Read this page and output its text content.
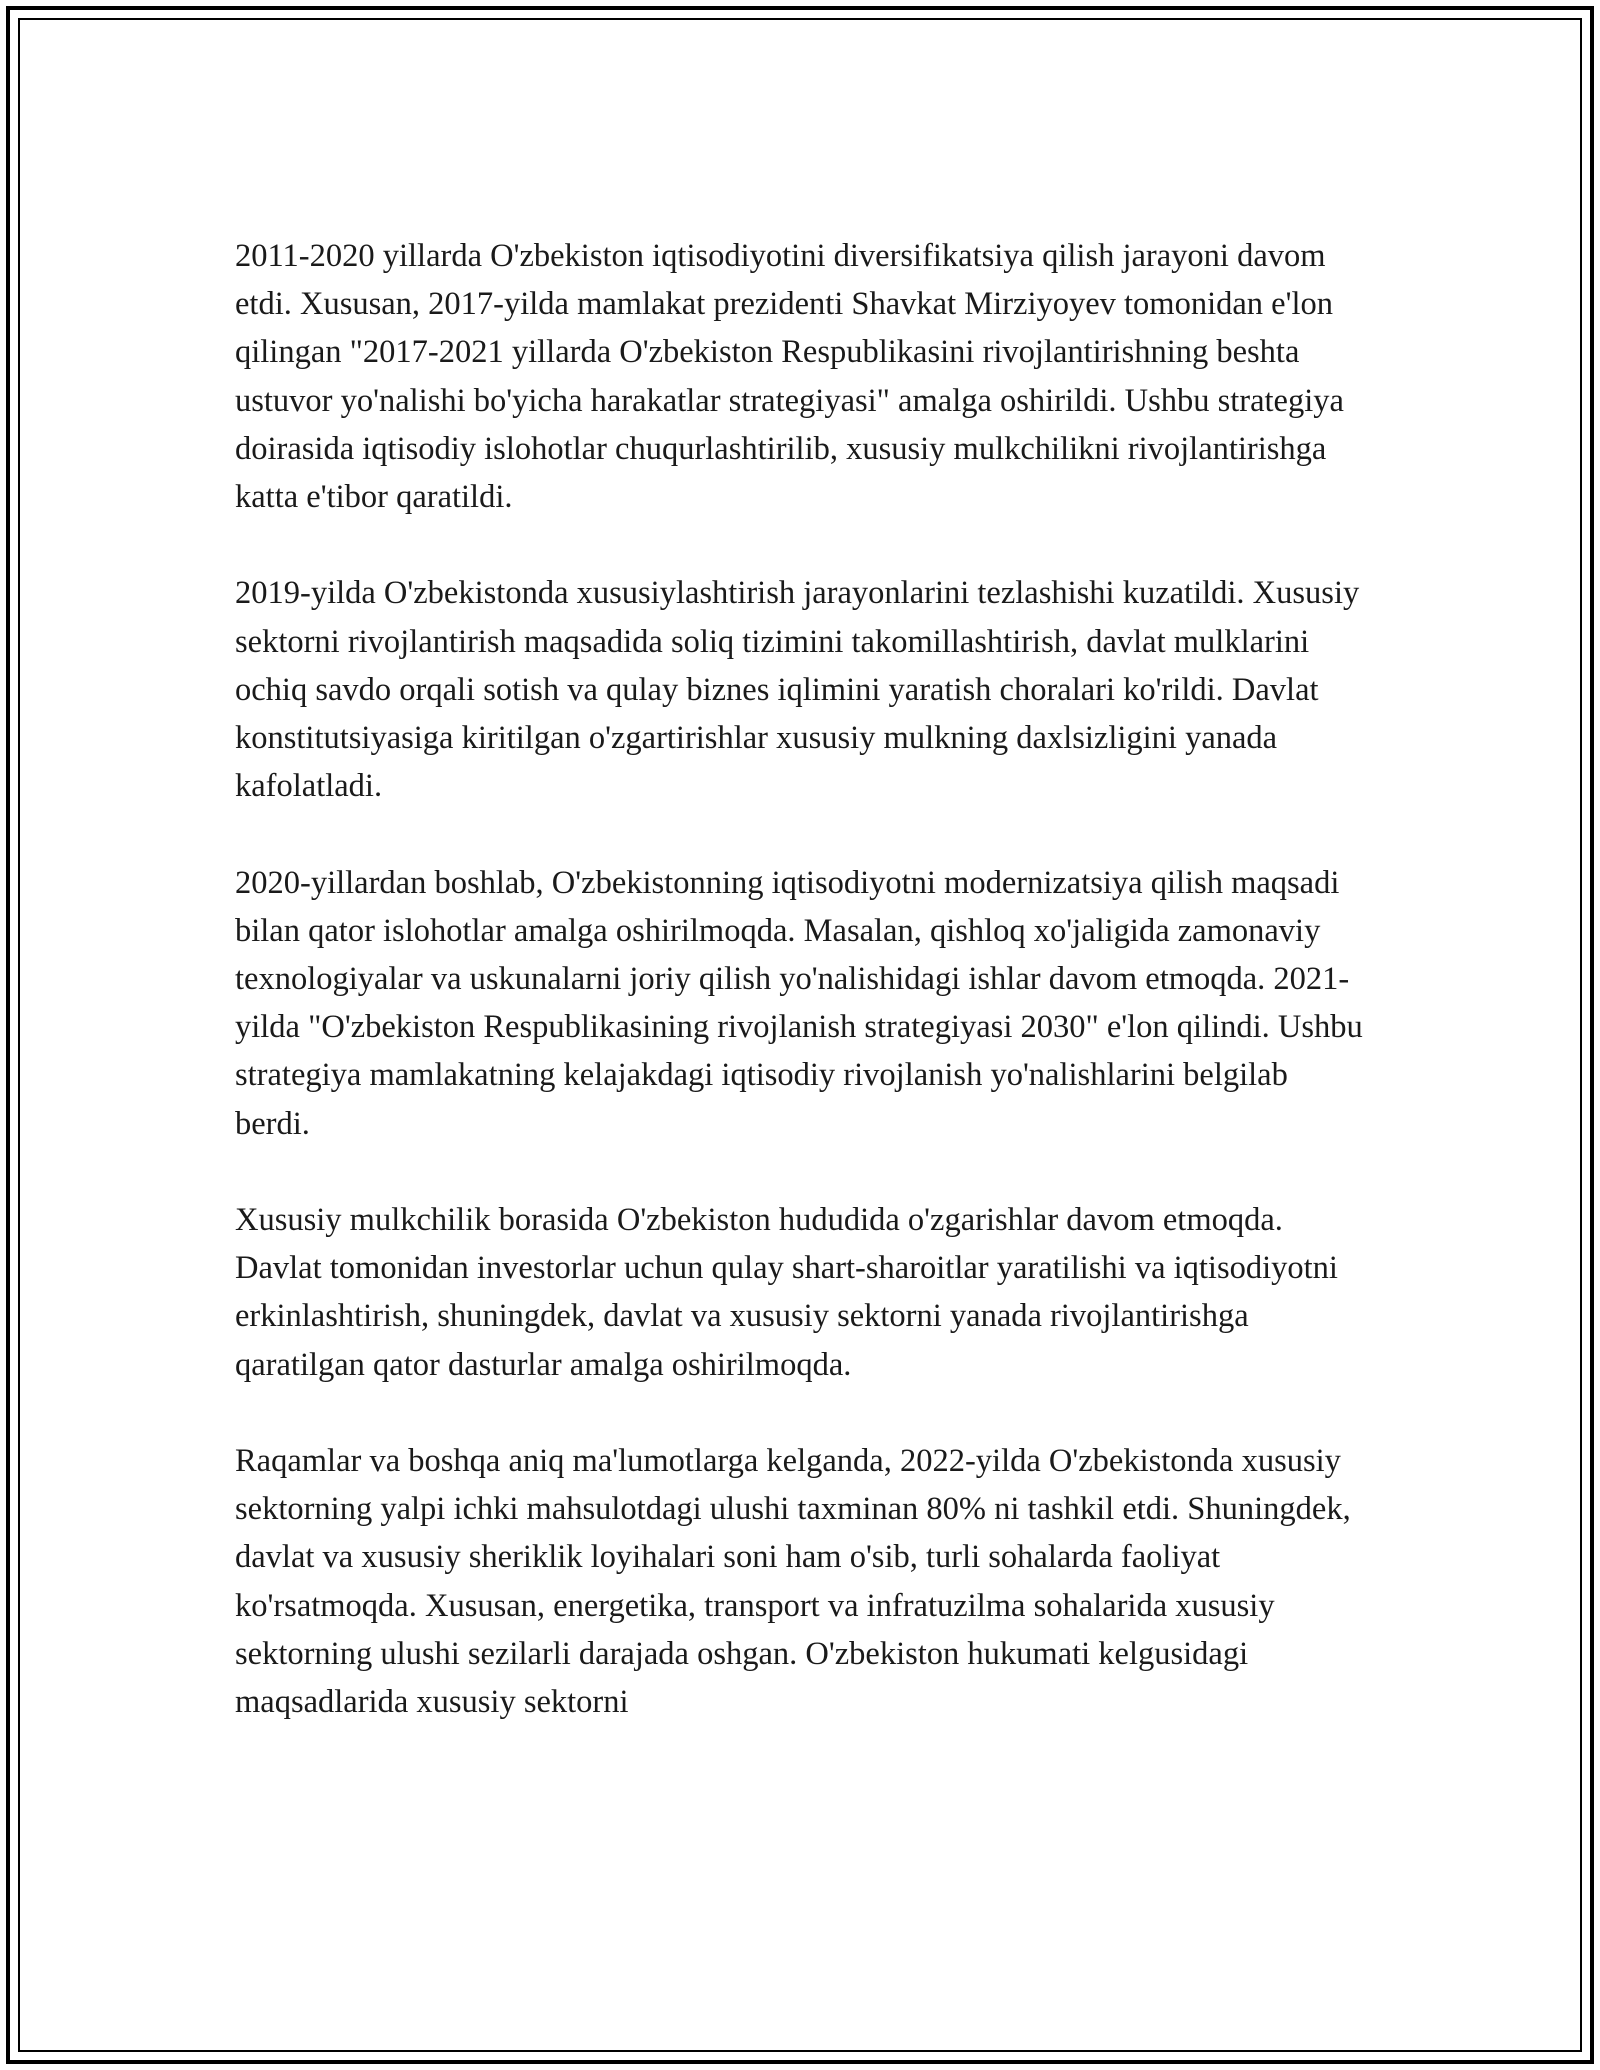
2011-2020 yillarda O'zbekiston iqtisodiyotini diversifikatsiya qilish jarayoni davom etdi. Xususan, 2017-yilda mamlakat prezidenti Shavkat Mirziyoyev tomonidan e'lon qilingan "2017-2021 yillarda O'zbekiston Respublikasini rivojlantirishning beshta ustuvor yo'nalishi bo'yicha harakatlar strategiyasi" amalga oshirildi. Ushbu strategiya doirasida iqtisodiy islohotlar chuqurlashtirilib, xususiy mulkchilikni rivojlantirishga katta e'tibor qaratildi.

2019-yilda O'zbekistonda xususiylashtirish jarayonlarini tezlashishi kuzatildi. Xususiy sektorni rivojlantirish maqsadida soliq tizimini takomillashtirish, davlat mulklarini ochiq savdo orqali sotish va qulay biznes iqlimini yaratish choralari ko'rildi. Davlat konstitutsiyasiga kiritilgan o'zgartirishlar xususiy mulkning daxlsizligini yanada kafolatladi.

2020-yillardan boshlab, O'zbekistonning iqtisodiyotni modernizatsiya qilish maqsadi bilan qator islohotlar amalga oshirilmoqda. Masalan, qishloq xo'jaligida zamonaviy texnologiyalar va uskunalarni joriy qilish yo'nalishidagi ishlar davom etmoqda. 2021-yilda "O'zbekiston Respublikasining rivojlanish strategiyasi 2030" e'lon qilindi. Ushbu strategiya mamlakatning kelajakdagi iqtisodiy rivojlanish yo'nalishlarini belgilab berdi.

Xususiy mulkchilik borasida O'zbekiston hududida o'zgarishlar davom etmoqda. Davlat tomonidan investorlar uchun qulay shart-sharoitlar yaratilishi va iqtisodiyotni erkinlashtirish, shuningdek, davlat va xususiy sektorni yanada rivojlantirishga qaratilgan qator dasturlar amalga oshirilmoqda.

Raqamlar va boshqa aniq ma'lumotlarga kelganda, 2022-yilda O'zbekistonda xususiy sektorning yalpi ichki mahsulotdagi ulushi taxminan 80% ni tashkil etdi. Shuningdek, davlat va xususiy sheriklik loyihalari soni ham o'sib, turli sohalarda faoliyat ko'rsatmoqda. Xususan, energetika, transport va infratuzilma sohalarida xususiy sektorning ulushi sezilarli darajada oshgan. O'zbekiston hukumati kelgusidagi maqsadlarida xususiy sektorni
